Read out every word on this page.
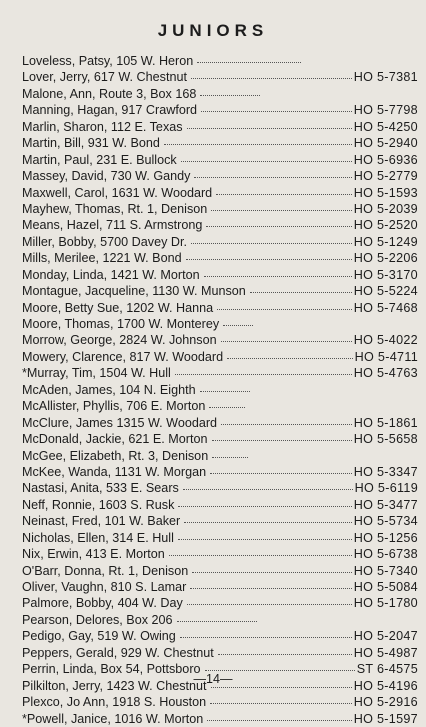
JUNIORS
Loveless, Patsy, 105 W. Heron
Lover, Jerry, 617 W. Chestnut	HO 5-7381
Malone, Ann, Route 3, Box 168
Manning, Hagan, 917 Crawford	HO 5-7798
Marlin, Sharon, 112 E. Texas	HO 5-4250
Martin, Bill, 931 W. Bond	HO 5-2940
Martin, Paul, 231 E. Bullock	HO 5-6936
Massey, David, 730 W. Gandy	HO 5-2779
Maxwell, Carol, 1631 W. Woodard	HO 5-1593
Mayhew, Thomas, Rt. 1, Denison	HO 5-2039
Means, Hazel, 711 S. Armstrong	HO 5-2520
Miller, Bobby, 5700 Davey Dr.	HO 5-1249
Mills, Merilee, 1221 W. Bond	HO 5-2206
Monday, Linda, 1421 W. Morton	HO 5-3170
Montague, Jacqueline, 1130 W. Munson	HO 5-5224
Moore, Betty Sue, 1202 W. Hanna	HO 5-7468
Moore, Thomas, 1700 W. Monterey
Morrow, George, 2824 W. Johnson	HO 5-4022
Mowery, Clarence, 817 W. Woodard	HO 5-4711
*Murray, Tim, 1504 W. Hull	HO 5-4763
McAden, James, 104 N. Eighth
McAllister, Phyllis, 706 E. Morton
McClure, James 1315 W. Woodard	HO 5-1861
McDonald, Jackie, 621 E. Morton	HO 5-5658
McGee, Elizabeth, Rt. 3, Denison
McKee, Wanda, 1131 W. Morgan	HO 5-3347
Nastasi, Anita, 533 E. Sears	HO 5-6119
Neff, Ronnie, 1603 S. Rusk	HO 5-3477
Neinast, Fred, 101 W. Baker	HO 5-5734
Nicholas, Ellen, 314 E. Hull	HO 5-1256
Nix, Erwin, 413 E. Morton	HO 5-6738
O'Barr, Donna, Rt. 1, Denison	HO 5-7340
Oliver, Vaughn, 810 S. Lamar	HO 5-5084
Palmore, Bobby, 404 W. Day	HO 5-1780
Pearson, Delores, Box 206
Pedigo, Gay, 519 W. Owing	HO 5-2047
Peppers, Gerald, 929 W. Chestnut	HO 5-4987
Perrin, Linda, Box 54, Pottsboro	ST 6-4575
Pilkilton, Jerry, 1423 W. Chestnut	HO 5-4196
Plexco, Jo Ann, 1918 S. Houston	HO 5-2916
*Powell, Janice, 1016 W. Morton	HO 5-1597
—14—
